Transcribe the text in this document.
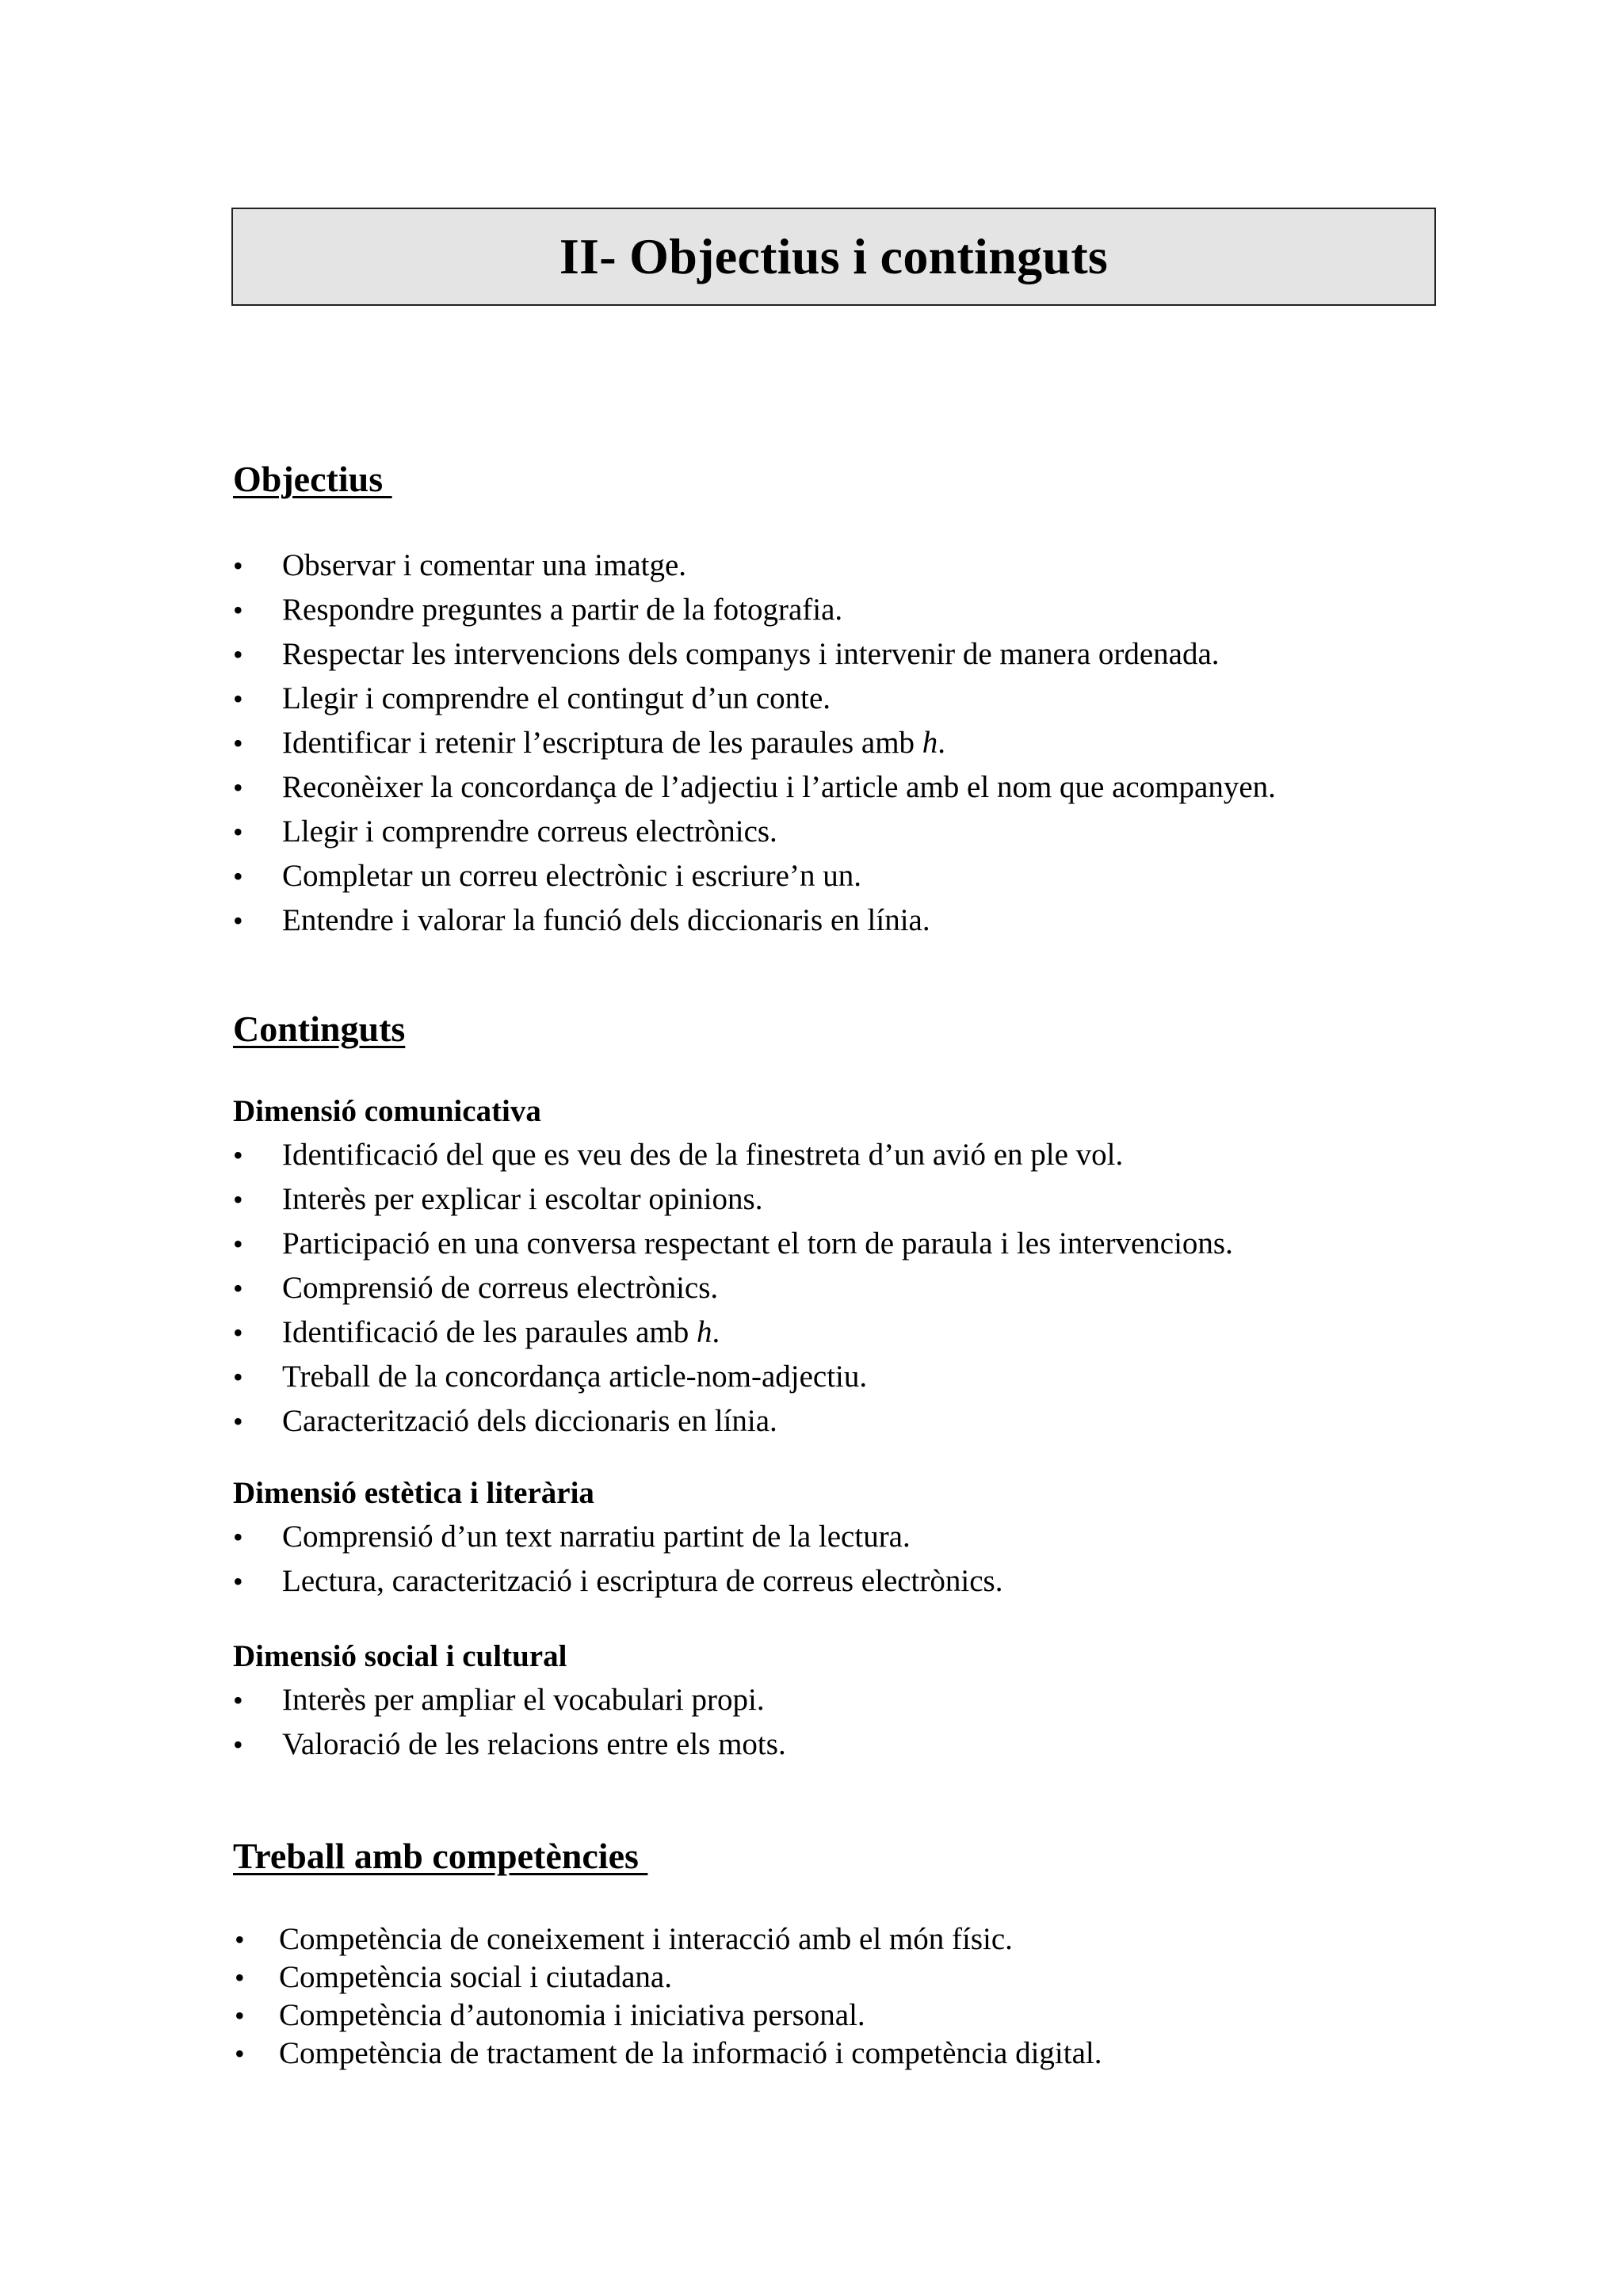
II- Objectius i continguts
Objectius
• Observar i comentar una imatge.
• Respondre preguntes a partir de la fotografia.
• Respectar les intervencions dels companys i intervenir de manera ordenada.
• Llegir i comprendre el contingut d’un conte.
• Identificar i retenir l’escriptura de les paraules amb h.
• Reconèixer la concordança de l’adjectiu i l’article amb el nom que acompanyen.
• Llegir i comprendre correus electrònics.
• Completar un correu electrònic i escriure’n un.
• Entendre i valorar la funció dels diccionaris en línia.
Continguts
Dimensió comunicativa
• Identificació del que es veu des de la finestreta d’un avió en ple vol.
• Interès per explicar i escoltar opinions.
• Participació en una conversa respectant el torn de paraula i les intervencions.
• Comprensió de correus electrònics.
• Identificació de les paraules amb h.
• Treball de la concordança article-nom-adjectiu.
• Caracterització dels diccionaris en línia.
Dimensió estètica i literària
• Comprensió d’un text narratiu partint de la lectura.
• Lectura, caracterització i escriptura de correus electrònics.
Dimensió social i cultural
• Interès per ampliar el vocabulari propi.
• Valoració de les relacions entre els mots.
Treball amb competències
• Competència de coneixement i interacció amb el món físic.
• Competència social i ciutadana.
• Competència d’autonomia i iniciativa personal.
• Competència de tractament de la informació i competència digital.
